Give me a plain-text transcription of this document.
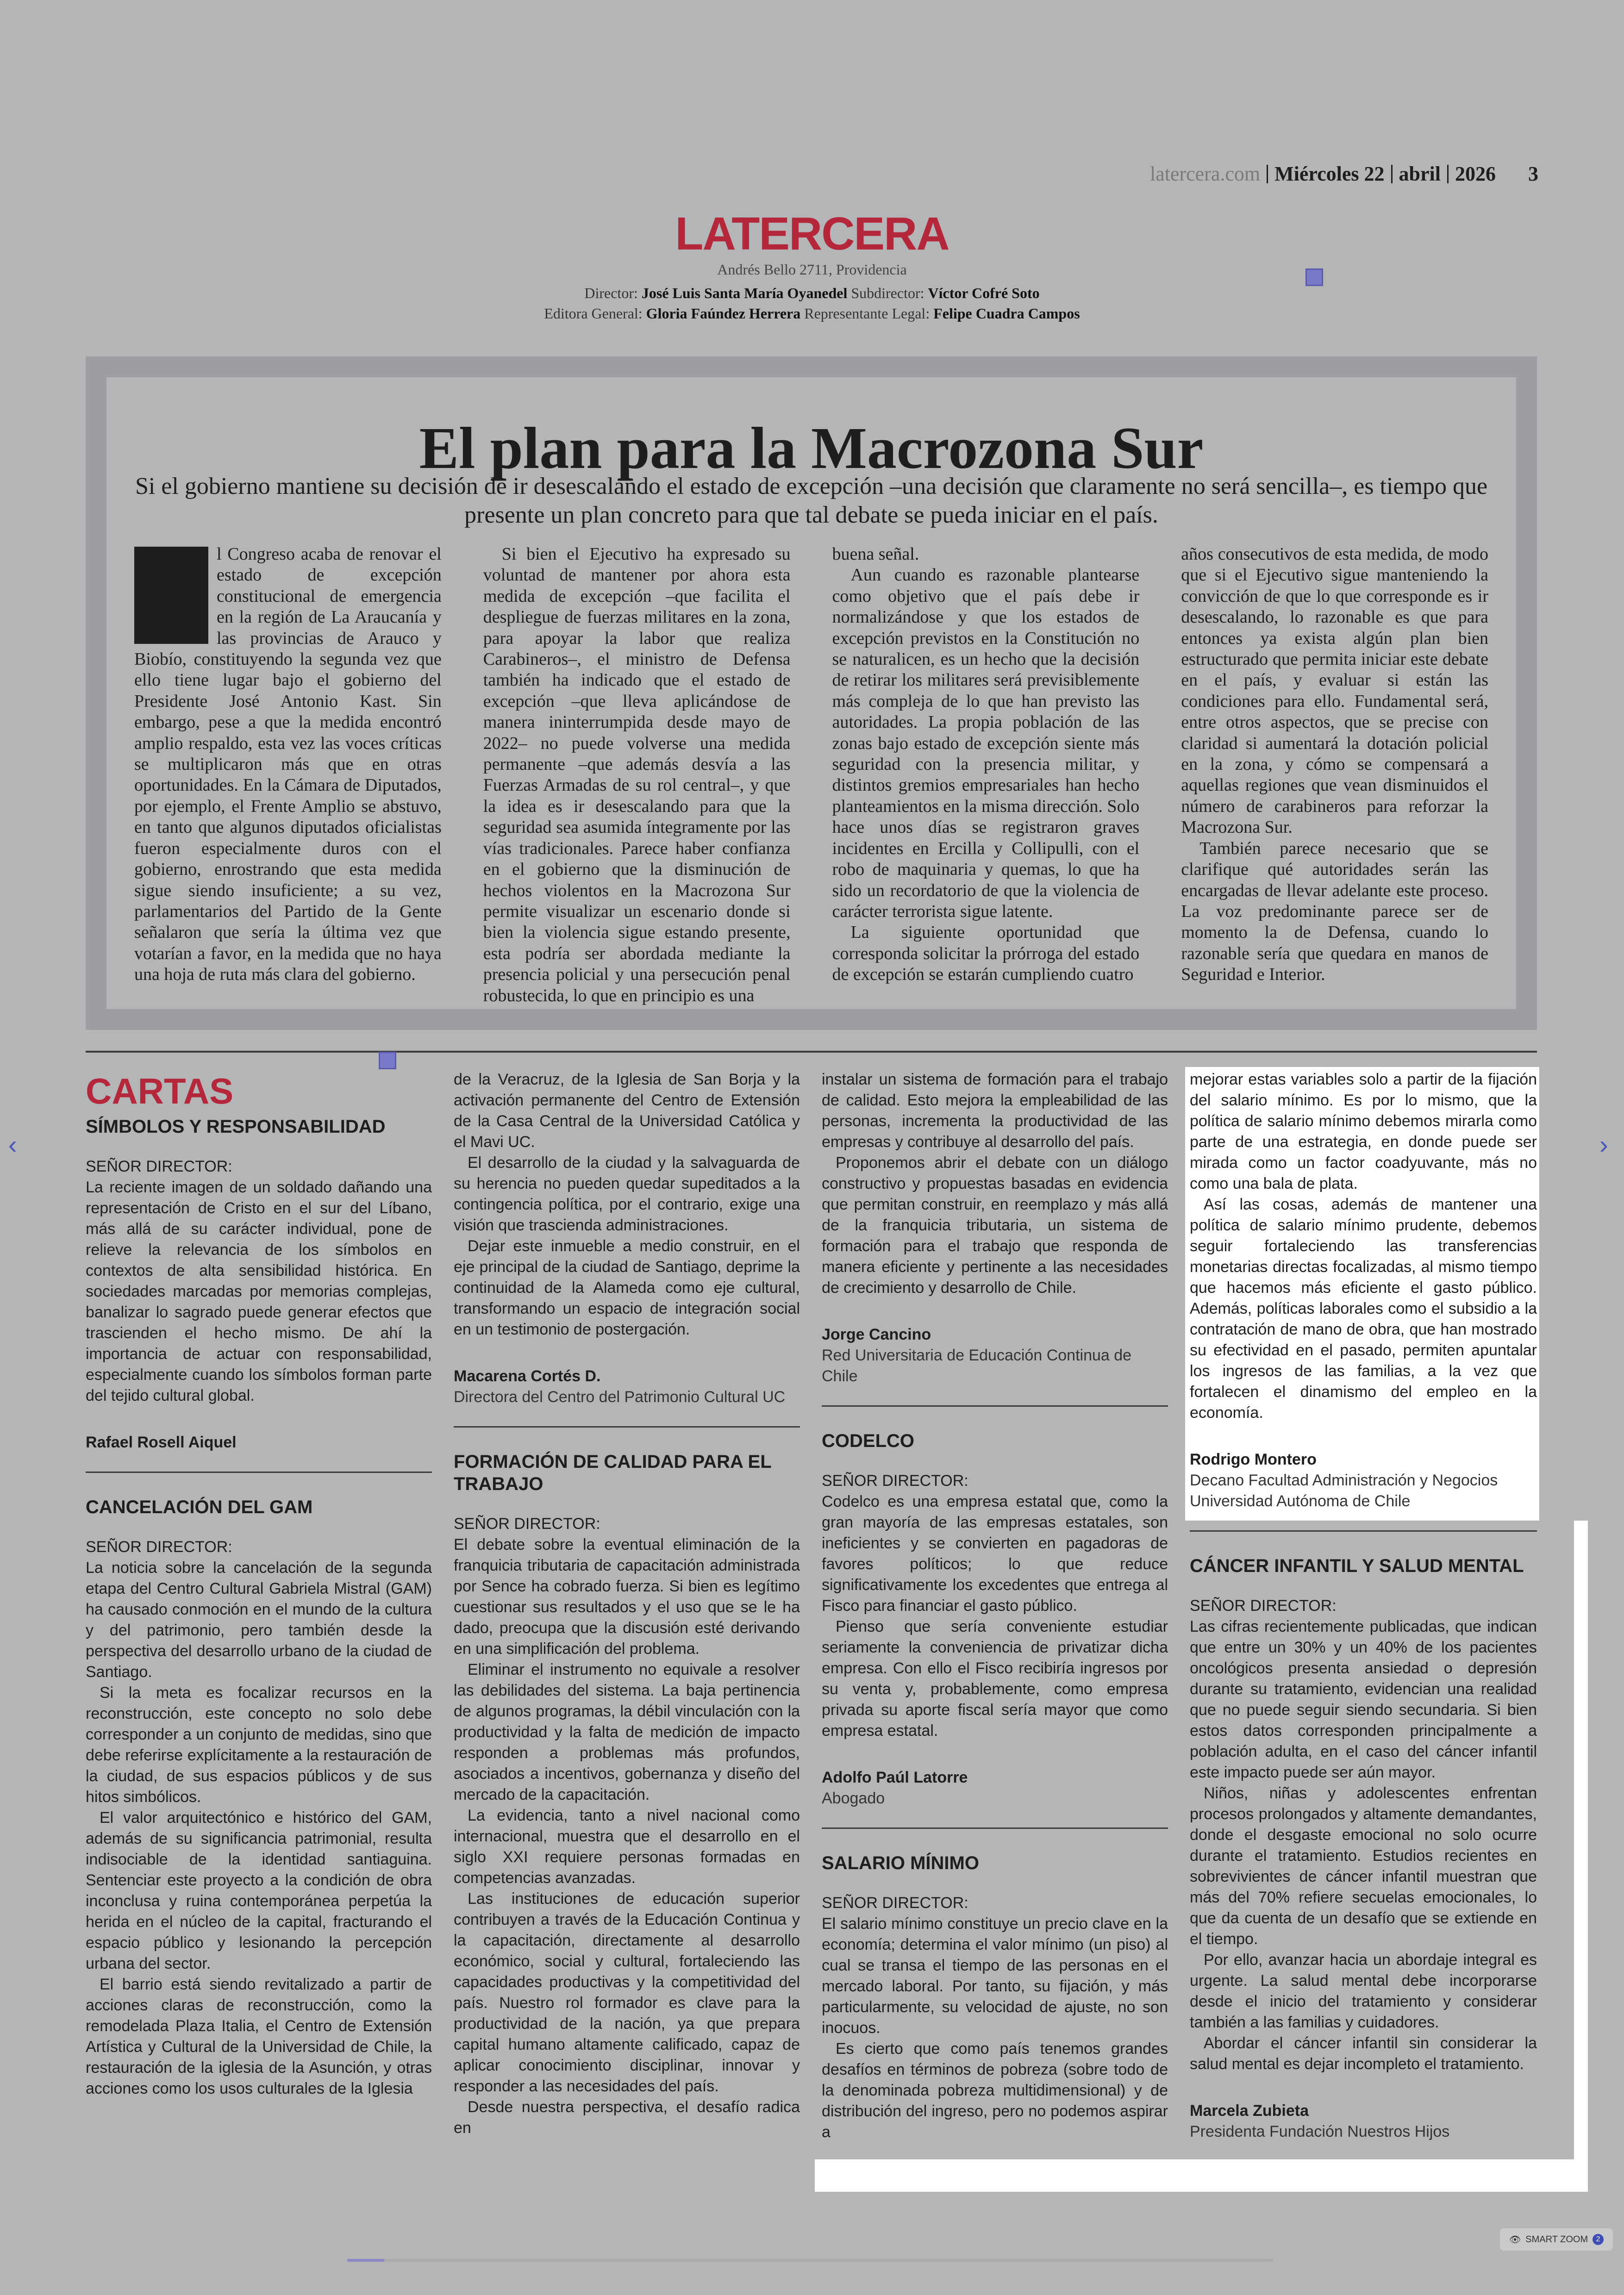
latercera.com Miércoles 22 abril 2026 3
LATERCERA
Andrés Bello 2711, Providencia
Director: José Luis Santa María Oyanedel Subdirector: Víctor Cofré Soto
Editora General: Gloria Faúndez Herrera Representante Legal: Felipe Cuadra Campos
El plan para la Macrozona Sur
Si el gobierno mantiene su decisión de ir desescalando el estado de excepción –una decisión que claramente no será sencilla–, es tiempo que presente un plan concreto para que tal debate se pueda iniciar en el país.
E l Congreso acaba de renovar el estado de excepción constitucional de emergencia en la región de La Araucanía y las provincias de Arauco y Biobío, constituyendo la segunda vez que ello tiene lugar bajo el gobierno del Presidente José Antonio Kast. Sin embargo, pese a que la medida encontró amplio respaldo, esta vez las voces críticas se multiplicaron más que en otras oportunidades. En la Cámara de Diputados, por ejemplo, el Frente Amplio se abstuvo, en tanto que algunos diputados oficialistas fueron especialmente duros con el gobierno, enrostrando que esta medida sigue siendo insuficiente; a su vez, parlamentarios del Partido de la Gente señalaron que sería la última vez que votarían a favor, en la medida que no haya una hoja de ruta más clara del gobierno.

Si bien el Ejecutivo ha expresado su voluntad de mantener por ahora esta medida de excepción –que facilita el despliegue de fuerzas militares en la zona, para apoyar la labor que realiza Carabineros–, el ministro de Defensa también ha indicado que el estado de excepción –que lleva aplicándose de manera ininterrumpida desde mayo de 2022– no puede volverse una medida permanente –que además desvía a las Fuerzas Armadas de su rol central–, y que la idea es ir desescalando para que la seguridad sea asumida íntegramente por las vías tradicionales. Parece haber confianza en el gobierno que la disminución de hechos violentos en la Macrozona Sur permite visualizar un escenario donde si bien la violencia sigue estando presente, esta podría ser abordada mediante la presencia policial y una persecución penal robustecida, lo que en principio es una

buena señal.

Aun cuando es razonable plantearse como objetivo que el país debe ir normalizándose y que los estados de excepción previstos en la Constitución no se naturalicen, es un hecho que la decisión de retirar los militares será previsiblemente más compleja de lo que han previsto las autoridades. La propia población de las zonas bajo estado de excepción siente más seguridad con la presencia militar, y distintos gremios empresariales han hecho planteamientos en la misma dirección. Solo hace unos días se registraron graves incidentes en Ercilla y Collipulli, con el robo de maquinaria y quemas, lo que ha sido un recordatorio de que la violencia de carácter terrorista sigue latente.

La siguiente oportunidad que corresponda solicitar la prórroga del estado de excepción se estarán cumpliendo cuatro

años consecutivos de esta medida, de modo que si el Ejecutivo sigue manteniendo la convicción de que lo que corresponde es ir desescalando, lo razonable es que para entonces ya exista algún plan bien estructurado que permita iniciar este debate en el país, y evaluar si están las condiciones para ello. Fundamental será, entre otros aspectos, que se precise con claridad si aumentará la dotación policial en la zona, y cómo se compensará a aquellas regiones que vean disminuidos el número de carabineros para reforzar la Macrozona Sur.

También parece necesario que se clarifique qué autoridades serán las encargadas de llevar adelante este proceso. La voz predominante parece ser de momento la de Defensa, cuando lo razonable sería que quedara en manos de Seguridad e Interior.

CARTAS
SÍMBOLOS Y RESPONSABILIDAD
SEÑOR DIRECTOR:

La reciente imagen de un soldado dañando una representación de Cristo en el sur del Líbano, más allá de su carácter individual, pone de relieve la relevancia de los símbolos en contextos de alta sensibilidad histórica. En sociedades marcadas por memorias complejas, banalizar lo sagrado puede generar efectos que trascienden el hecho mismo. De ahí la importancia de actuar con responsabilidad, especialmente cuando los símbolos forman parte del tejido cultural global.

Rafael Rosell Aiquel
CANCELACIÓN DEL GAM
SEÑOR DIRECTOR:

La noticia sobre la cancelación de la segunda etapa del Centro Cultural Gabriela Mistral (GAM) ha causado conmoción en el mundo de la cultura y del patrimonio, pero también desde la perspectiva del desarrollo urbano de la ciudad de Santiago.

Si la meta es focalizar recursos en la reconstrucción, este concepto no solo debe corresponder a un conjunto de medidas, sino que debe referirse explícitamente a la restauración de la ciudad, de sus espacios públicos y de sus hitos simbólicos.

El valor arquitectónico e histórico del GAM, además de su significancia patrimonial, resulta indisociable de la identidad santiaguina. Sentenciar este proyecto a la condición de obra inconclusa y ruina contemporánea perpetúa la herida en el núcleo de la capital, fracturando el espacio público y lesionando la percepción urbana del sector.

El barrio está siendo revitalizado a partir de acciones claras de reconstrucción, como la remodelada Plaza Italia, el Centro de Extensión Artística y Cultural de la Universidad de Chile, la restauración de la iglesia de la Asunción, y otras acciones como los usos culturales de la Iglesia

de la Veracruz, de la Iglesia de San Borja y la activación permanente del Centro de Extensión de la Casa Central de la Universidad Católica y el Mavi UC.

El desarrollo de la ciudad y la salvaguarda de su herencia no pueden quedar supeditados a la contingencia política, por el contrario, exige una visión que trascienda administraciones.

Dejar este inmueble a medio construir, en el eje principal de la ciudad de Santiago, deprime la continuidad de la Alameda como eje cultural, transformando un espacio de integración social en un testimonio de postergación.

Macarena Cortés D.
Directora del Centro del Patrimonio Cultural UC
FORMACIÓN DE CALIDAD PARA EL TRABAJO
SEÑOR DIRECTOR:

El debate sobre la eventual eliminación de la franquicia tributaria de capacitación administrada por Sence ha cobrado fuerza. Si bien es legítimo cuestionar sus resultados y el uso que se le ha dado, preocupa que la discusión esté derivando en una simplificación del problema.

Eliminar el instrumento no equivale a resolver las debilidades del sistema. La baja pertinencia de algunos programas, la débil vinculación con la productividad y la falta de medición de impacto responden a problemas más profundos, asociados a incentivos, gobernanza y diseño del mercado de la capacitación.

La evidencia, tanto a nivel nacional como internacional, muestra que el desarrollo en el siglo XXI requiere personas formadas en competencias avanzadas.

Las instituciones de educación superior contribuyen a través de la Educación Continua y la capacitación, directamente al desarrollo económico, social y cultural, fortaleciendo las capacidades productivas y la competitividad del país. Nuestro rol formador es clave para la productividad de la nación, ya que prepara capital humano altamente calificado, capaz de aplicar conocimiento disciplinar, innovar y responder a las necesidades del país.

Desde nuestra perspectiva, el desafío radica en

instalar un sistema de formación para el trabajo de calidad. Esto mejora la empleabilidad de las personas, incrementa la productividad de las empresas y contribuye al desarrollo del país.

Proponemos abrir el debate con un diálogo constructivo y propuestas basadas en evidencia que permitan construir, en reemplazo y más allá de la franquicia tributaria, un sistema de formación para el trabajo que responda de manera eficiente y pertinente a las necesidades de crecimiento y desarrollo de Chile.

Jorge Cancino
Red Universitaria de Educación Continua de Chile
CODELCO
SEÑOR DIRECTOR:

Codelco es una empresa estatal que, como la gran mayoría de las empresas estatales, son ineficientes y se convierten en pagadoras de favores políticos; lo que reduce significativamente los excedentes que entrega al Fisco para financiar el gasto público.

Pienso que sería conveniente estudiar seriamente la conveniencia de privatizar dicha empresa. Con ello el Fisco recibiría ingresos por su venta y, probablemente, como empresa privada su aporte fiscal sería mayor que como empresa estatal.

Adolfo Paúl Latorre
Abogado
SALARIO MÍNIMO
SEÑOR DIRECTOR:

El salario mínimo constituye un precio clave en la economía; determina el valor mínimo (un piso) al cual se transa el tiempo de las personas en el mercado laboral. Por tanto, su fijación, y más particularmente, su velocidad de ajuste, no son inocuos.

Es cierto que como país tenemos grandes desafíos en términos de pobreza (sobre todo de la denominada pobreza multidimensional) y de distribución del ingreso, pero no podemos aspirar a

mejorar estas variables solo a partir de la fijación del salario mínimo. Es por lo mismo, que la política de salario mínimo debemos mirarla como parte de una estrategia, en donde puede ser mirada como un factor coadyuvante, más no como una bala de plata.

Así las cosas, además de mantener una política de salario mínimo prudente, debemos seguir fortaleciendo las transferencias monetarias directas focalizadas, al mismo tiempo que hacemos más eficiente el gasto público. Además, políticas laborales como el subsidio a la contratación de mano de obra, que han mostrado su efectividad en el pasado, permiten apuntalar los ingresos de las familias, a la vez que fortalecen el dinamismo del empleo en la economía.

Rodrigo Montero
Decano Facultad Administración y Negocios
Universidad Autónoma de Chile
CÁNCER INFANTIL Y SALUD MENTAL
SEÑOR DIRECTOR:

Las cifras recientemente publicadas, que indican que entre un 30% y un 40% de los pacientes oncológicos presenta ansiedad o depresión durante su tratamiento, evidencian una realidad que no puede seguir siendo secundaria. Si bien estos datos corresponden principalmente a población adulta, en el caso del cáncer infantil este impacto puede ser aún mayor.

Niños, niñas y adolescentes enfrentan procesos prolongados y altamente demandantes, donde el desgaste emocional no solo ocurre durante el tratamiento. Estudios recientes en sobrevivientes de cáncer infantil muestran que más del 70% refiere secuelas emocionales, lo que da cuenta de un desafío que se extiende en el tiempo.

Por ello, avanzar hacia un abordaje integral es urgente. La salud mental debe incorporarse desde el inicio del tratamiento y considerar también a las familias y cuidadores.

Abordar el cáncer infantil sin considerar la salud mental es dejar incompleto el tratamiento.

Marcela Zubieta
Presidenta Fundación Nuestros Hijos
‹	›
👁 SMART ZOOM	2
